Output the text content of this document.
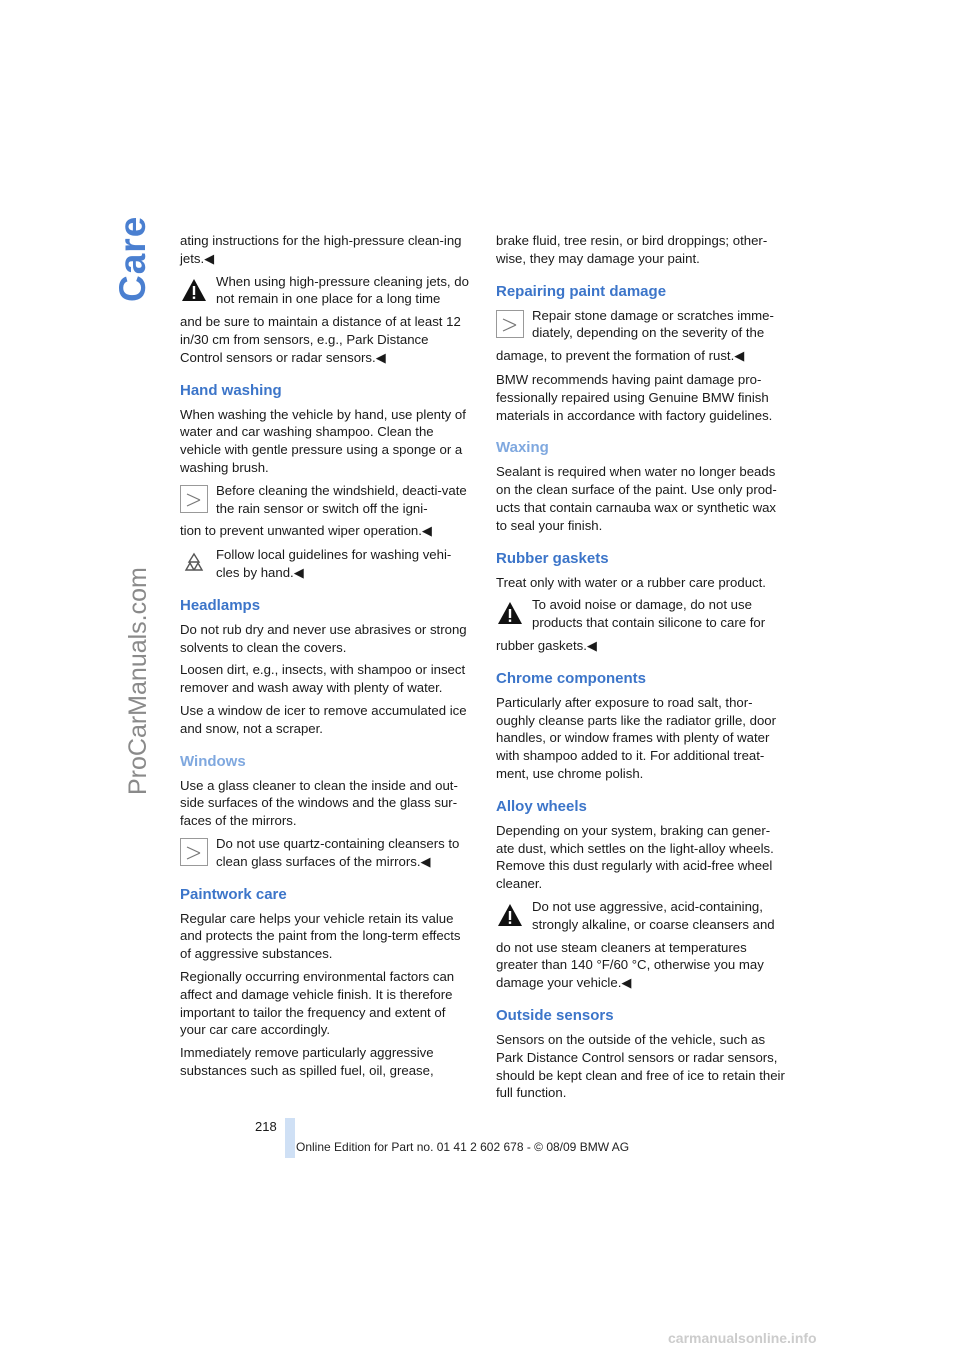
Care
ProCarManuals.com

ating instructions for the high-pressure clean-ing jets.◀

When using high-pressure cleaning jets, do not remain in one place for a long time

and be sure to maintain a distance of at least 12 in/30 cm from sensors, e.g., Park Distance Control sensors or radar sensors.◀

Hand washing

When washing the vehicle by hand, use plenty of water and car washing shampoo. Clean the vehicle with gentle pressure using a sponge or a washing brush.

Before cleaning the windshield, deacti-vate the rain sensor or switch off the igni-

tion to prevent unwanted wiper operation.◀

Follow local guidelines for washing vehi-cles by hand.◀

Headlamps

Do not rub dry and never use abrasives or strong solvents to clean the covers.

Loosen dirt, e.g., insects, with shampoo or insect remover and wash away with plenty of water.

Use a window de icer to remove accumulated ice and snow, not a scraper.

Windows

Use a glass cleaner to clean the inside and out-side surfaces of the windows and the glass sur-faces of the mirrors.

Do not use quartz-containing cleansers to clean glass surfaces of the mirrors.◀

Paintwork care

Regular care helps your vehicle retain its value and protects the paint from the long-term effects of aggressive substances.

Regionally occurring environmental factors can affect and damage vehicle finish. It is therefore important to tailor the frequency and extent of your car care accordingly.

Immediately remove particularly aggressive substances such as spilled fuel, oil, grease,

brake fluid, tree resin, or bird droppings; other-wise, they may damage your paint.

Repairing paint damage

Repair stone damage or scratches imme-diately, depending on the severity of the

damage, to prevent the formation of rust.◀

BMW recommends having paint damage pro-fessionally repaired using Genuine BMW finish materials in accordance with factory guidelines.

Waxing

Sealant is required when water no longer beads on the clean surface of the paint. Use only prod-ucts that contain carnauba wax or synthetic wax to seal your finish.

Rubber gaskets

Treat only with water or a rubber care product.

To avoid noise or damage, do not use products that contain silicone to care for

rubber gaskets.◀

Chrome components

Particularly after exposure to road salt, thor-oughly cleanse parts like the radiator grille, door handles, or window frames with plenty of water with shampoo added to it. For additional treat-ment, use chrome polish.

Alloy wheels

Depending on your system, braking can gener-ate dust, which settles on the light-alloy wheels. Remove this dust regularly with acid-free wheel cleaner.

Do not use aggressive, acid-containing, strongly alkaline, or coarse cleansers and

do not use steam cleaners at temperatures greater than 140 °F/60 °C, otherwise you may damage your vehicle.◀

Outside sensors

Sensors on the outside of the vehicle, such as Park Distance Control sensors or radar sensors, should be kept clean and free of ice to retain their full function.

218
Online Edition for Part no. 01 41 2 602 678 - © 08/09 BMW AG
carmanualsonline.info
